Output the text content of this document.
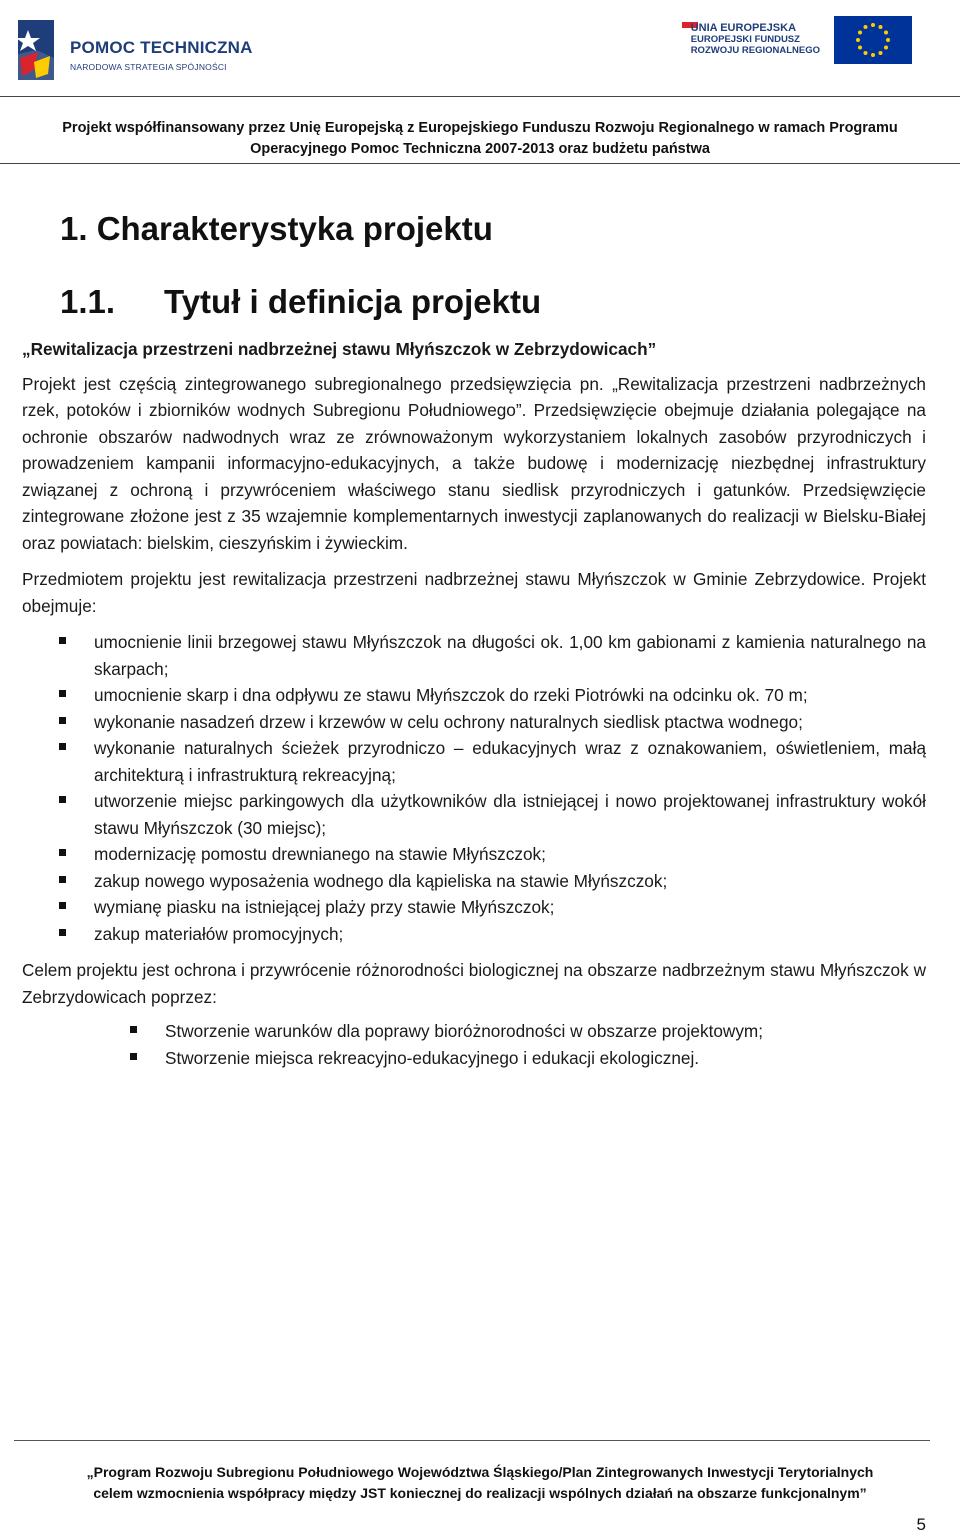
POMOC TECHNICZNA
NARODOWA STRATEGIA SPÓJNOŚCI
UNIA EUROPEJSKA
EUROPEJSKI FUNDUSZ
ROZWOJU REGIONALNEGO
Projekt współfinansowany przez Unię Europejską z Europejskiego Funduszu Rozwoju Regionalnego w ramach Programu
Operacyjnego Pomoc Techniczna 2007-2013 oraz budżetu państwa
1. Charakterystyka projektu
1.1. Tytuł i definicja projektu
„Rewitalizacja przestrzeni nadbrzeżnej stawu Młyńszczok w Zebrzydowicach”

Projekt jest częścią zintegrowanego subregionalnego przedsięwzięcia pn. „Rewitalizacja przestrzeni nadbrzeżnych rzek, potoków i zbiorników wodnych Subregionu Południowego”. Przedsięwzięcie obejmuje działania polegające na ochronie obszarów nadwodnych wraz ze zrównoważonym wykorzystaniem lokalnych zasobów przyrodniczych i prowadzeniem kampanii informacyjno-edukacyjnych, a także budowę i modernizację niezbędnej infrastruktury związanej z ochroną i przywróceniem właściwego stanu siedlisk przyrodniczych i gatunków. Przedsięwzięcie zintegrowane złożone jest z 35 wzajemnie komplementarnych inwestycji zaplanowanych do realizacji w Bielsku-Białej oraz powiatach: bielskim, cieszyńskim i żywieckim.

Przedmiotem projektu jest rewitalizacja przestrzeni nadbrzeżnej stawu Młyńszczok w Gminie Zebrzydowice. Projekt obejmuje:

umocnienie linii brzegowej stawu Młyńszczok na długości ok. 1,00 km gabionami z kamienia naturalnego na skarpach;
umocnienie skarp i dna odpływu ze stawu Młyńszczok do rzeki Piotrówki na odcinku ok. 70 m;
wykonanie nasadzeń drzew i krzewów w celu ochrony naturalnych siedlisk ptactwa wodnego;
wykonanie naturalnych ścieżek przyrodniczo – edukacyjnych wraz z oznakowaniem, oświetleniem, małą architekturą i infrastrukturą rekreacyjną;
utworzenie miejsc parkingowych dla użytkowników dla istniejącej i nowo projektowanej infrastruktury wokół stawu Młyńszczok (30 miejsc);
modernizację pomostu drewnianego na stawie Młyńszczok;
zakup nowego wyposażenia wodnego dla kąpieliska na stawie Młyńszczok;
wymianę piasku na istniejącej plaży przy stawie Młyńszczok;
zakup materiałów promocyjnych;

Celem projektu jest ochrona i przywrócenie różnorodności biologicznej na obszarze nadbrzeżnym stawu Młyńszczok w Zebrzydowicach poprzez:

Stworzenie warunków dla poprawy bioróżnorodności w obszarze projektowym;
Stworzenie miejsca rekreacyjno-edukacyjnego i edukacji ekologicznej.
„Program Rozwoju Subregionu Południowego Województwa Śląskiego/Plan Zintegrowanych Inwestycji Terytorialnych
celem wzmocnienia współpracy między JST koniecznej do realizacji wspólnych działań na obszarze funkcjonalnym”
5
